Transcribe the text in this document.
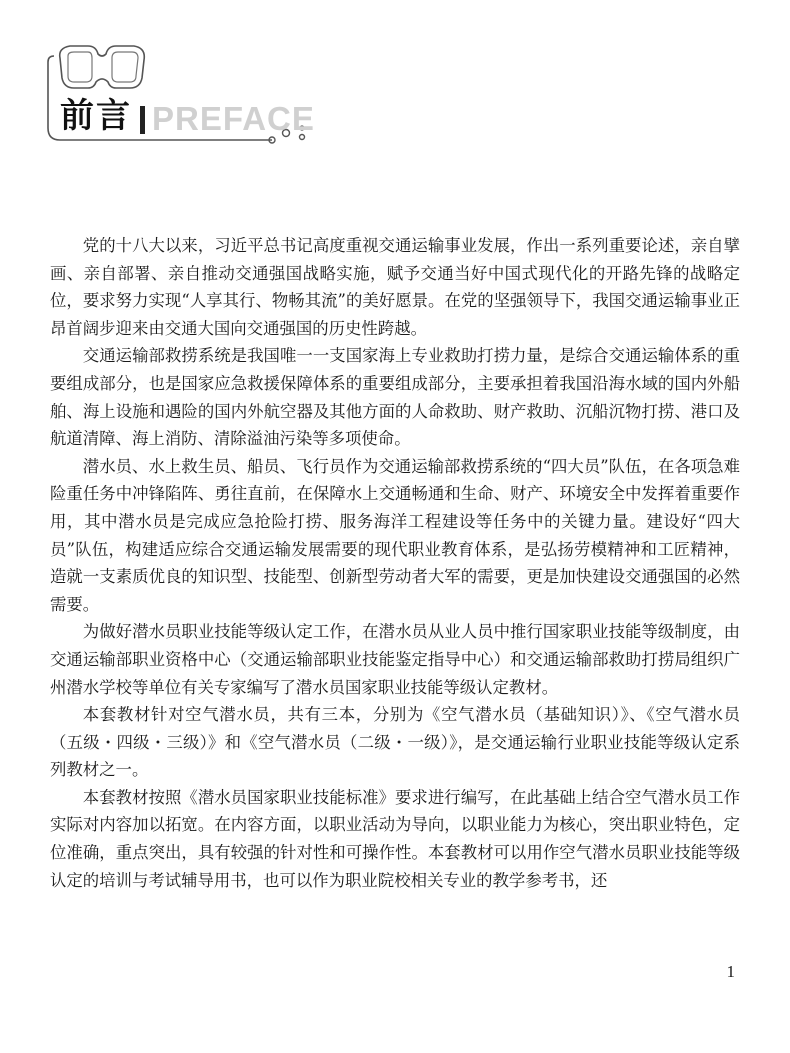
前言 PREFACE

党的十八大以来，习近平总书记高度重视交通运输事业发展，作出一系列重要论述，亲自擘画、亲自部署、亲自推动交通强国战略实施，赋予交通当好中国式现代化的开路先锋的战略定位，要求努力实现“人享其行、物畅其流”的美好愿景。在党的坚强领导下，我国交通运输事业正昂首阔步迎来由交通大国向交通强国的历史性跨越。

交通运输部救捞系统是我国唯一一支国家海上专业救助打捞力量，是综合交通运输体系的重要组成部分，也是国家应急救援保障体系的重要组成部分，主要承担着我国沿海水域的国内外船舶、海上设施和遇险的国内外航空器及其他方面的人命救助、财产救助、沉船沉物打捞、港口及航道清障、海上消防、清除溢油污染等多项使命。

潜水员、水上救生员、船员、飞行员作为交通运输部救捞系统的“四大员”队伍，在各项急难险重任务中冲锋陷阵、勇往直前，在保障水上交通畅通和生命、财产、环境安全中发挥着重要作用，其中潜水员是完成应急抢险打捞、服务海洋工程建设等任务中的关键力量。建设好“四大员”队伍，构建适应综合交通运输发展需要的现代职业教育体系，是弘扬劳模精神和工匠精神，造就一支素质优良的知识型、技能型、创新型劳动者大军的需要，更是加快建设交通强国的必然需要。

为做好潜水员职业技能等级认定工作，在潜水员从业人员中推行国家职业技能等级制度，由交通运输部职业资格中心（交通运输部职业技能鉴定指导中心）和交通运输部救助打捞局组织广州潜水学校等单位有关专家编写了潜水员国家职业技能等级认定教材。

本套教材针对空气潜水员，共有三本，分别为《空气潜水员（基础知识）》、《空气潜水员（五级・四级・三级）》和《空气潜水员（二级・一级）》，是交通运输行业职业技能等级认定系列教材之一。

本套教材按照《潜水员国家职业技能标准》要求进行编写，在此基础上结合空气潜水员工作实际对内容加以拓宽。在内容方面，以职业活动为导向，以职业能力为核心，突出职业特色，定位准确，重点突出，具有较强的针对性和可操作性。本套教材可以用作空气潜水员职业技能等级认定的培训与考试辅导用书，也可以作为职业院校相关专业的教学参考书，还

1
